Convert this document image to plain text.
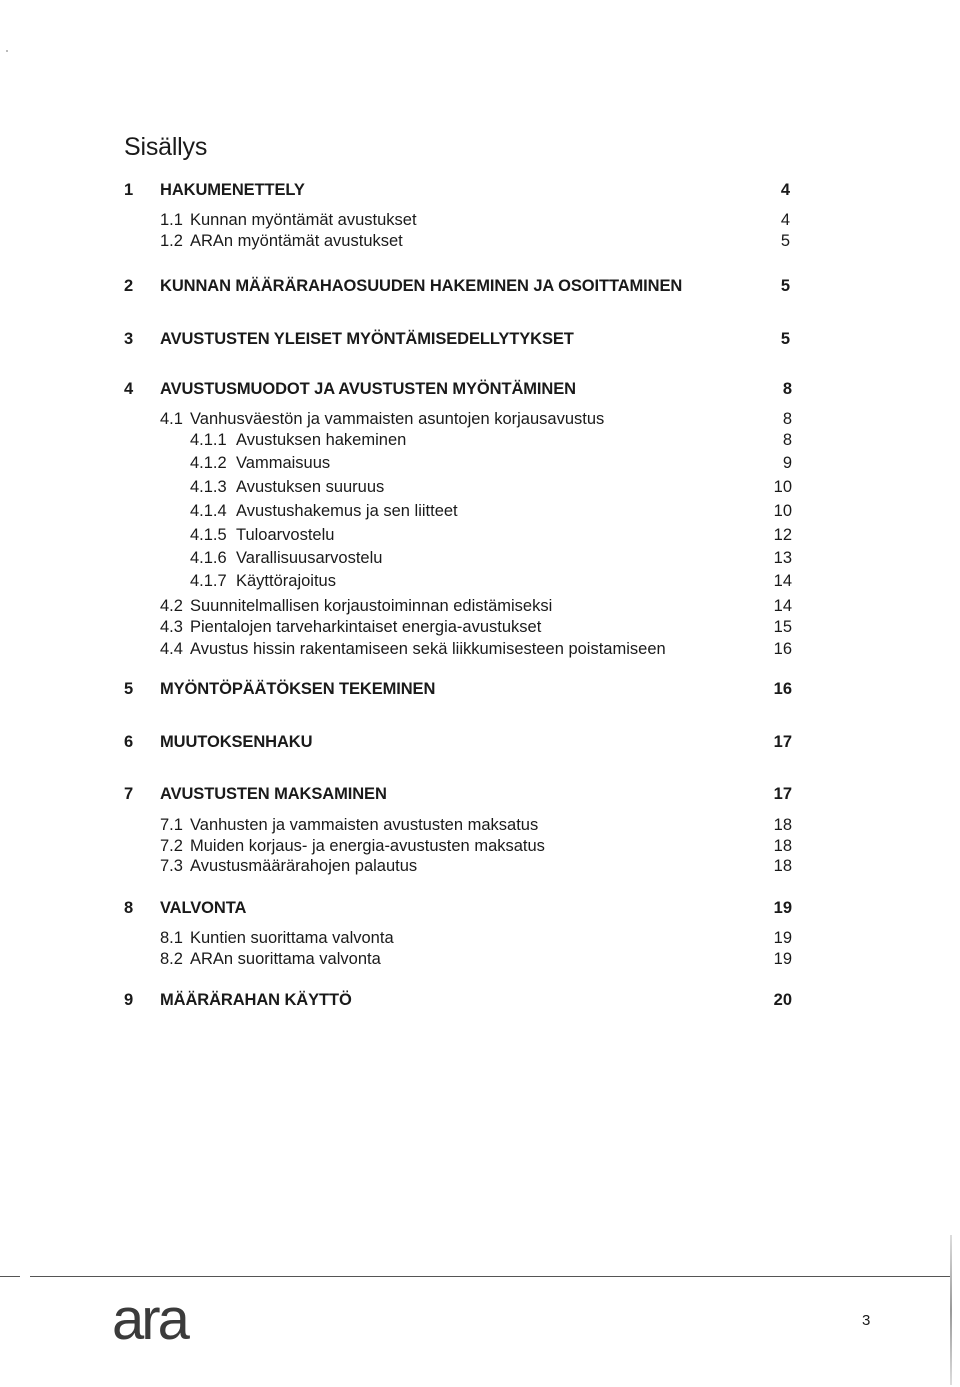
Sisällys
1 HAKUMENETTELY	4
1.1 Kunnan myöntämät avustukset	4
1.2 ARAn myöntämät avustukset	5
2 KUNNAN MÄÄRÄRAHAOSUUDEN HAKEMINEN JA OSOITTAMINEN	5
3 AVUSTUSTEN YLEISET MYÖNTÄMISEDELLYTYKSET	5
4 AVUSTUSMUODOT JA AVUSTUSTEN MYÖNTÄMINEN	8
4.1 Vanhusväestön ja vammaisten asuntojen korjausavustus	8
4.1.1 Avustuksen hakeminen	8
4.1.2 Vammaisuus	9
4.1.3 Avustuksen suuruus	10
4.1.4 Avustushakemus ja sen liitteet	10
4.1.5 Tuloarvostelu	12
4.1.6 Varallisuusarvostelu	13
4.1.7 Käyttörajoitus	14
4.2 Suunnitelmallisen korjaustoiminnan edistämiseksi	14
4.3 Pientalojen tarveharkintaiset energia-avustukset	15
4.4 Avustus hissin rakentamiseen sekä liikkumisesteen poistamiseen	16
5 MYÖNTÖPÄÄTÖKSEN TEKEMINEN	16
6 MUUTOKSENHAKU	17
7 AVUSTUSTEN MAKSAMINEN	17
7.1 Vanhusten ja vammaisten avustusten maksatus	18
7.2 Muiden korjaus- ja energia-avustusten maksatus	18
7.3 Avustusmäärärahojen palautus	18
8 VALVONTA	19
8.1 Kuntien suorittama valvonta	19
8.2 ARAn suorittama valvonta	19
9 MÄÄRÄRAHAN KÄYTTÖ	20
ara	3
